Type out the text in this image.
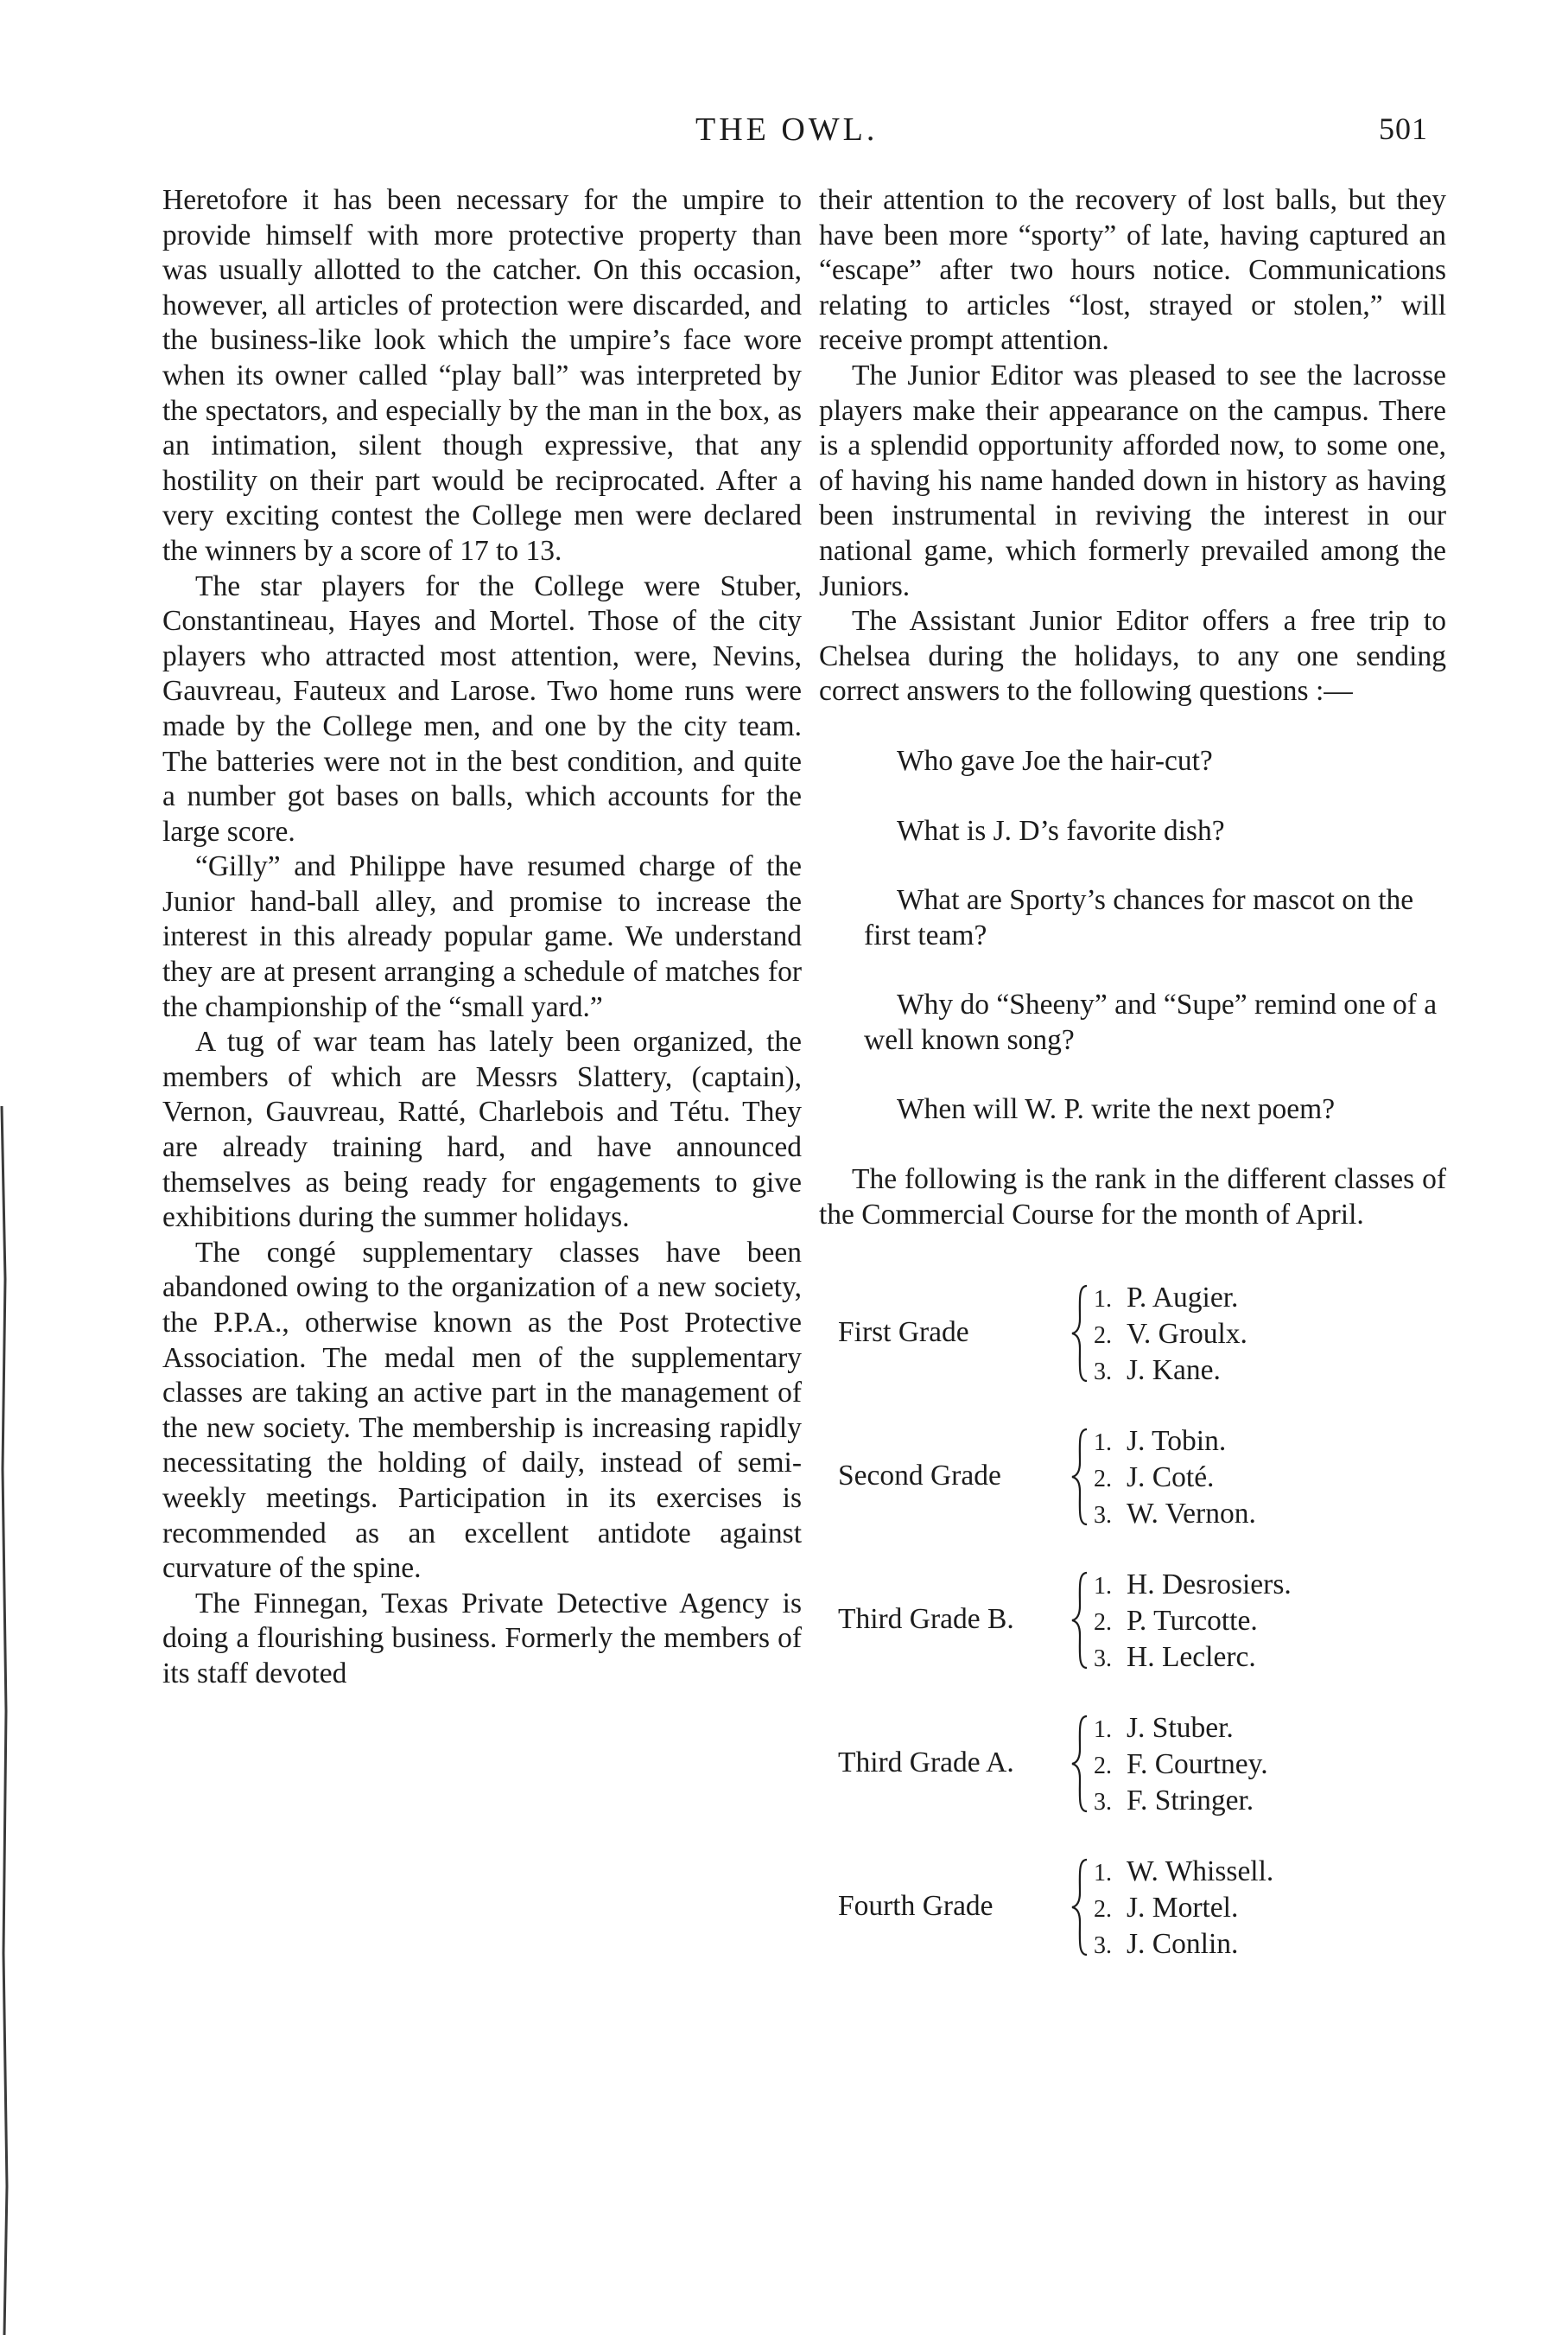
THE OWL.	501

Heretofore it has been necessary for the umpire to provide himself with more protective property than was usually allotted to the catcher. On this occasion, however, all articles of protection were discarded, and the business-like look which the umpire’s face wore when its owner called “play ball” was interpreted by the spectators, and especially by the man in the box, as an intimation, silent though expressive, that any hostility on their part would be reciprocated. After a very exciting contest the College men were declared the winners by a score of 17 to 13.

The star players for the College were Stuber, Constantineau, Hayes and Mortel. Those of the city players who attracted most attention, were, Nevins, Gauvreau, Fauteux and Larose. Two home runs were made by the College men, and one by the city team. The batteries were not in the best condition, and quite a number got bases on balls, which accounts for the large score.

“Gilly” and Philippe have resumed charge of the Junior hand-ball alley, and promise to increase the interest in this already popular game. We understand they are at present arranging a schedule of matches for the championship of the “small yard.”

A tug of war team has lately been organized, the members of which are Messrs Slattery, (captain), Vernon, Gauvreau, Ratté, Charlebois and Tétu. They are already training hard, and have announced themselves as being ready for engagements to give exhibitions during the summer holidays.

The congé supplementary classes have been abandoned owing to the organization of a new society, the P.P.A., otherwise known as the Post Protective Association. The medal men of the supplementary classes are taking an active part in the management of the new society. The membership is increasing rapidly necessitating the holding of daily, instead of semi-weekly meetings. Participation in its exercises is recommended as an excellent antidote against curvature of the spine.

The Finnegan, Texas Private Detective Agency is doing a flourishing business. Formerly the members of its staff devoted

their attention to the recovery of lost balls, but they have been more “sporty” of late, having captured an “escape” after two hours notice. Communications relating to articles “lost, strayed or stolen,” will receive prompt attention.

The Junior Editor was pleased to see the lacrosse players make their appearance on the campus. There is a splendid opportunity afforded now, to some one, of having his name handed down in history as having been instrumental in reviving the interest in our national game, which formerly prevailed among the Juniors.

The Assistant Junior Editor offers a free trip to Chelsea during the holidays, to any one sending correct answers to the following questions :—

Who gave Joe the hair-cut?

What is J. D’s favorite dish?

What are Sporty’s chances for mascot on the first team?

Why do “Sheeny” and “Supe” remind one of a well known song?

When will W. P. write the next poem?

The following is the rank in the different classes of the Commercial Course for the month of April.

First Grade
1. P. Augier.
2. V. Groulx.
3. J. Kane.
Second Grade
1. J. Tobin.
2. J. Coté.
3. W. Vernon.
Third Grade B.
1. H. Desrosiers.
2. P. Turcotte.
3. H. Leclerc.
Third Grade A.
1. J. Stuber.
2. F. Courtney.
3. F. Stringer.
Fourth Grade
1. W. Whissell.
2. J. Mortel.
3. J. Conlin.
